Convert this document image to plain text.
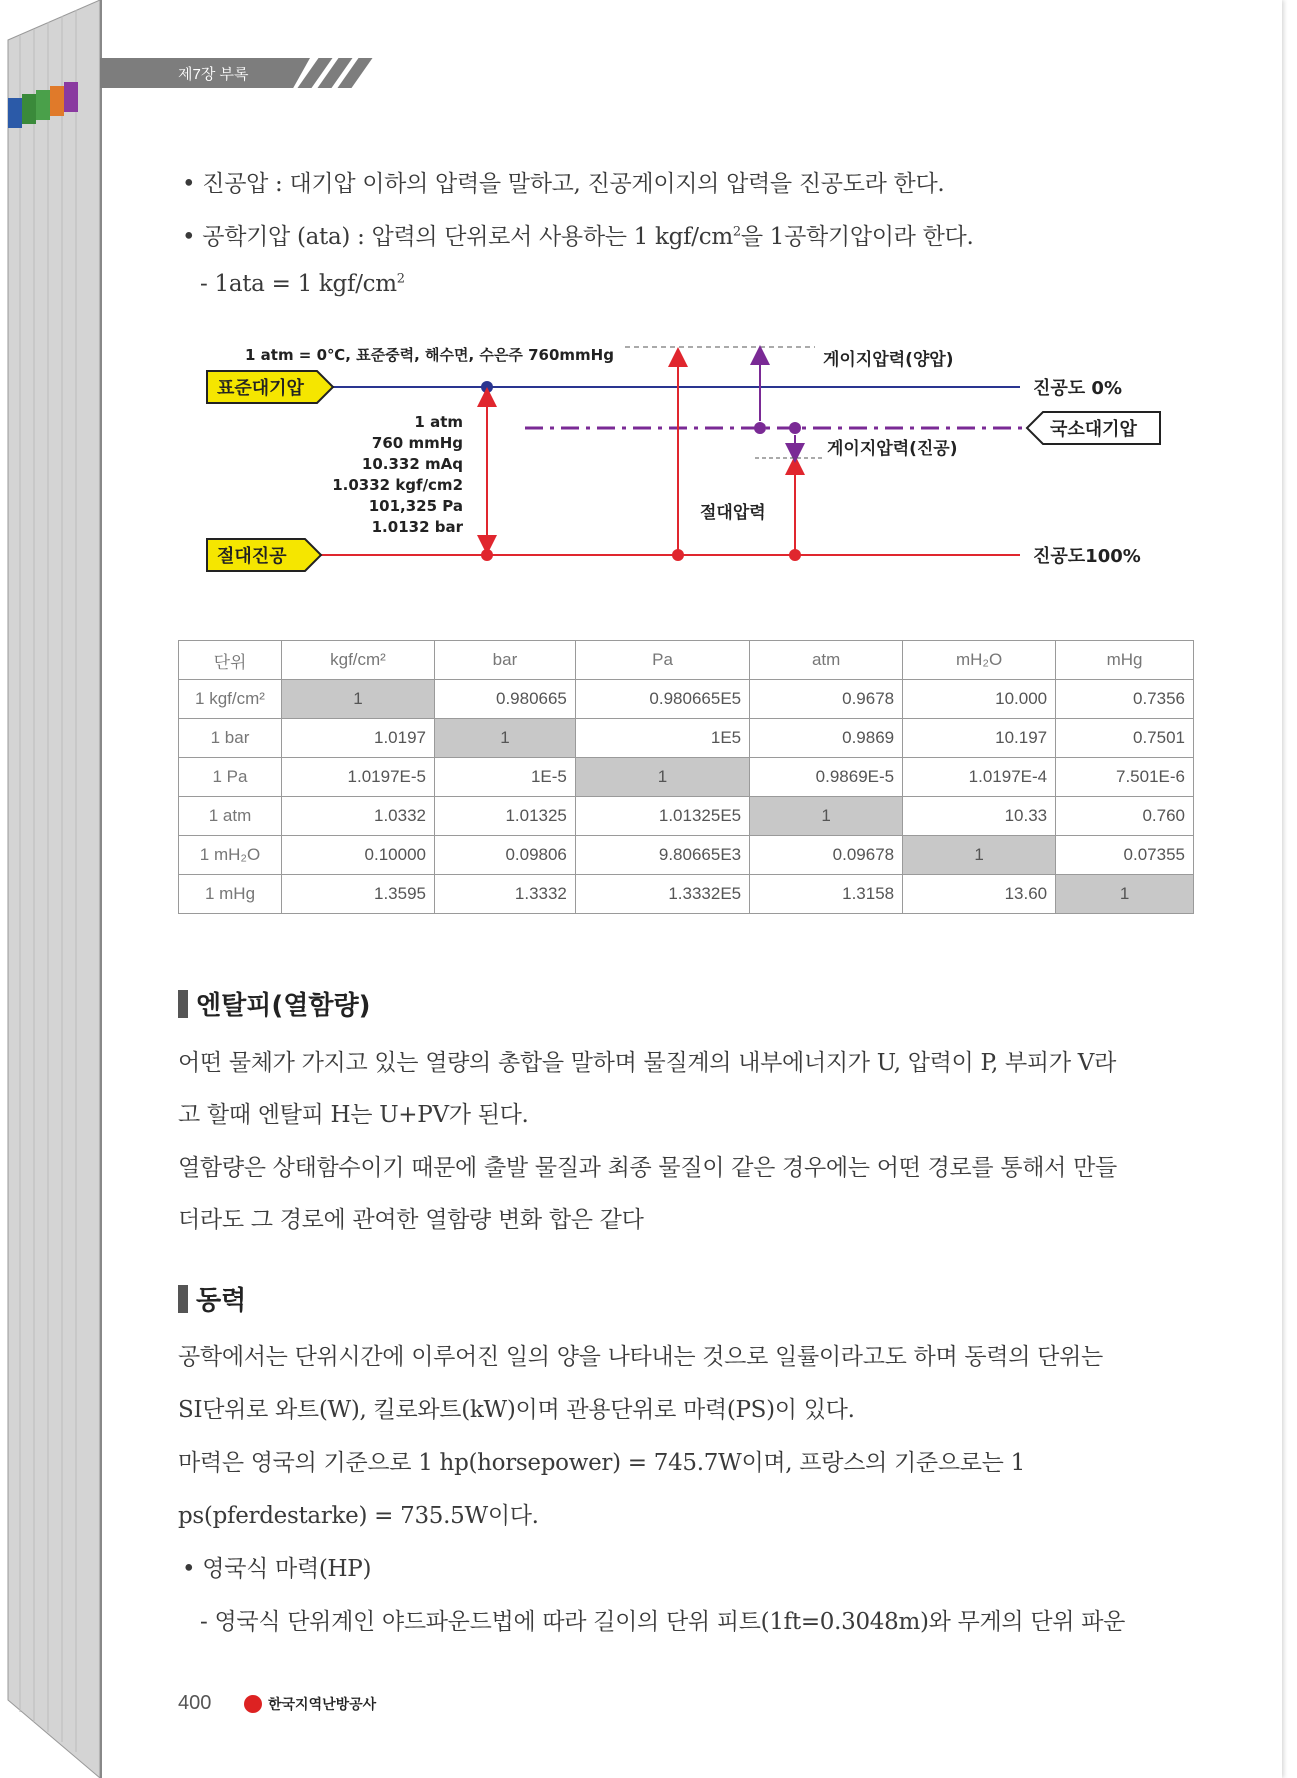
제7장 부록
• 진공압 : 대기압 이하의 압력을 말하고, 진공게이지의 압력을 진공도라 한다.
• 공학기압 (ata) : 압력의 단위로서 사용하는 1 kgf/$cm^2$을 1공학기압이라 한다.
- 1ata = 1 kgf/$cm^2$
1 atm = 0℃, 표준중력, 해수면, 수은주 760mmHg
표준대기압
국소대기압
절대진공
1 atm
760 mmHg
10.332 mAq
1.0332 kgf/cm2
101,325 Pa
1.0132 bar
게이지압력(양압)
게이지압력(진공)
절대압력
진공도 0%
진공도100%
단위	kgf/cm²	bar	Pa	atm	mH₂O	mHg
1 kgf/cm²	1	0.980665	0.980665E5	0.9678	10.000	0.7356
1 bar	1.0197	1	1E5	0.9869	10.197	0.7501
1 Pa	1.0197E-5	1E-5	1	0.9869E-5	1.0197E-4	7.501E-6
1 atm	1.0332	1.01325	1.01325E5	1	10.33	0.760
1 mH₂O	0.10000	0.09806	9.80665E3	0.09678	1	0.07355
1 mHg	1.3595	1.3332	1.3332E5	1.3158	13.60	1
엔탈피(열함량)
어떤 물체가 가지고 있는 열량의 총합을 말하며 물질계의 내부에너지가 U, 압력이 P, 부피가 V라
고 할때 엔탈피 H는 U+PV가 된다.
열함량은 상태함수이기 때문에 출발 물질과 최종 물질이 같은 경우에는 어떤 경로를 통해서 만들
더라도 그 경로에 관여한 열함량 변화 합은 같다
동력
공학에서는 단위시간에 이루어진 일의 양을 나타내는 것으로 일률이라고도 하며 동력의 단위는
SI단위로 와트(W), 킬로와트(kW)이며 관용단위로 마력(PS)이 있다.
마력은 영국의 기준으로 1 hp(horsepower) = 745.7W이며, 프랑스의 기준으로는 1
ps(pferdestarke) = 735.5W이다.
• 영국식 마력(HP)
- 영국식 단위계인 야드파운드법에 따라 길이의 단위 피트(1ft=0.3048m)와 무게의 단위 파운
400	한국지역난방공사
